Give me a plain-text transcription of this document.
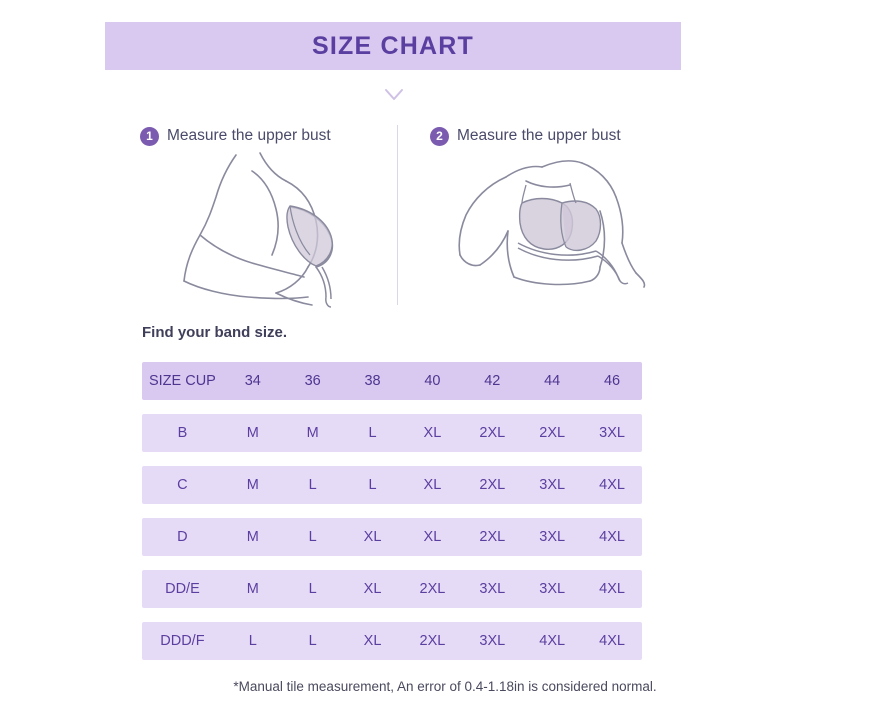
SIZE CHART
1 Measure the upper bust	2 Measure the upper bust
Find your band size.
SIZE CUP	34	36	38	40	42	44	46
B	M	M	L	XL	2XL	2XL	3XL
C	M	L	L	XL	2XL	3XL	4XL
D	M	L	XL	XL	2XL	3XL	4XL
DD/E	M	L	XL	2XL	3XL	3XL	4XL
DDD/F	L	L	XL	2XL	3XL	4XL	4XL
*Manual tile measurement, An error of 0.4-1.18in is considered normal.
